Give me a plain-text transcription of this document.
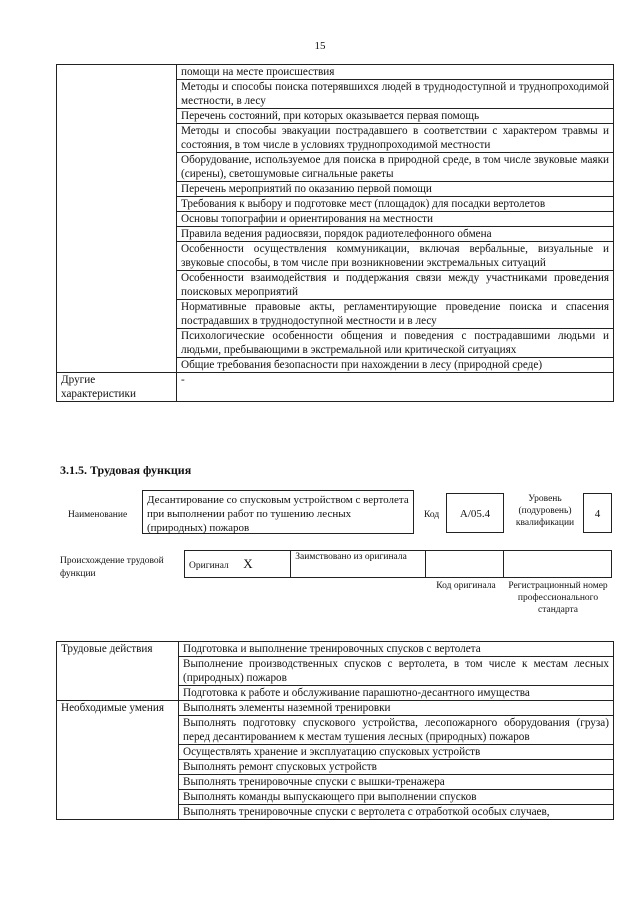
15
	помощи на месте происшествия
	Методы и способы поиска потерявшихся людей в труднодоступной и труднопроходимой местности, в лесу
	Перечень состояний, при которых оказывается первая помощь
	Методы и способы эвакуации пострадавшего в соответствии с характером травмы и состояния, в том числе в условиях труднопроходимой местности
	Оборудование, используемое для поиска в природной среде, в том числе звуковые маяки (сирены), светошумовые сигнальные ракеты
	Перечень мероприятий по оказанию первой помощи
	Требования к выбору и подготовке мест (площадок) для посадки вертолетов
	Основы топографии и ориентирования на местности
	Правила ведения радиосвязи, порядок радиотелефонного обмена
	Особенности осуществления коммуникации, включая вербальные, визуальные и звуковые способы, в том числе при возникновении экстремальных ситуаций
	Особенности взаимодействия и поддержания связи между участниками проведения поисковых мероприятий
	Нормативные правовые акты, регламентирующие проведение поиска и спасения пострадавших в труднодоступной местности и в лесу
	Психологические особенности общения и поведения с пострадавшими людьми и людьми, пребывающими в экстремальной или критической ситуациях
	Общие требования безопасности при нахождении в лесу (природной среде)
Другие характеристики	-
3.1.5. Трудовая функция
Наименование
Десантирование со спусковым устройством с вертолета при выполнении работ по тушению лесных (природных) пожаров
Код	A/05.4
Уровень (подуровень) квалификации
4
Происхождение трудовой функции
Оригинал X	Заимствовано из оригинала		
Код оригинала Регистрационный номер профессионального стандарта
Трудовые действия	Подготовка и выполнение тренировочных спусков с вертолета
	Выполнение производственных спусков с вертолета, в том числе к местам лесных (природных) пожаров
	Подготовка к работе и обслуживание парашютно-десантного имущества
Необходимые умения	Выполнять элементы наземной тренировки
	Выполнять подготовку спускового устройства, лесопожарного оборудования (груза) перед десантированием к местам тушения лесных (природных) пожаров
	Осуществлять хранение и эксплуатацию спусковых устройств
	Выполнять ремонт спусковых устройств
	Выполнять тренировочные спуски с вышки-тренажера
	Выполнять команды выпускающего при выполнении спусков
	Выполнять тренировочные спуски с вертолета с отработкой особых случаев,
